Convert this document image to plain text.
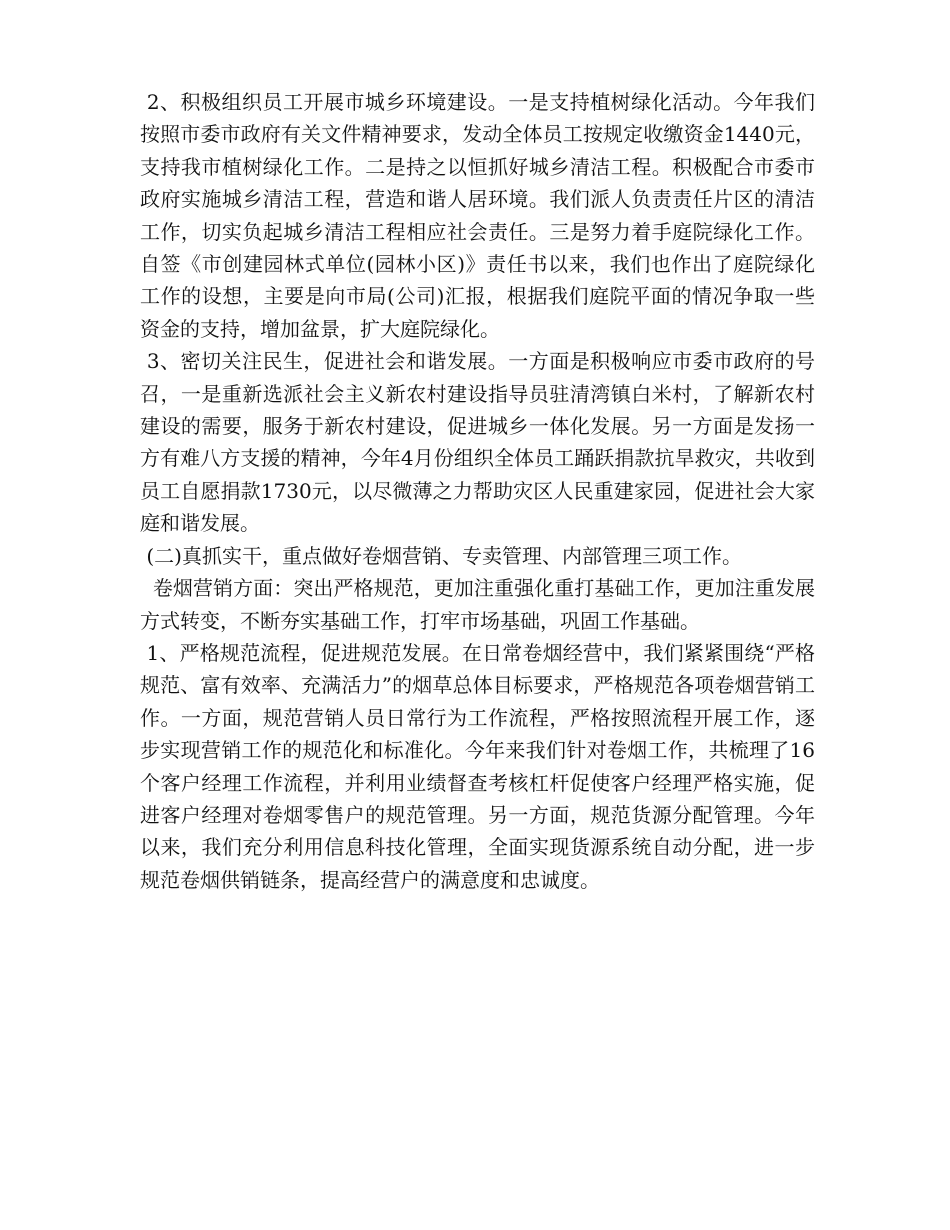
2、积极组织员工开展市城乡环境建设。一是支持植树绿化活动。今年我们按照市委市政府有关文件精神要求，发动全体员工按规定收缴资金1440元，支持我市植树绿化工作。二是持之以恒抓好城乡清洁工程。积极配合市委市政府实施城乡清洁工程，营造和谐人居环境。我们派人负责责任片区的清洁工作，切实负起城乡清洁工程相应社会责任。三是努力着手庭院绿化工作。自签《市创建园林式单位(园林小区)》责任书以来，我们也作出了庭院绿化工作的设想，主要是向市局(公司)汇报，根据我们庭院平面的情况争取一些资金的支持，增加盆景，扩大庭院绿化。

3、密切关注民生，促进社会和谐发展。一方面是积极响应市委市政府的号召，一是重新选派社会主义新农村建设指导员驻清湾镇白米村，了解新农村建设的需要，服务于新农村建设，促进城乡一体化发展。另一方面是发扬一方有难八方支援的精神，今年4月份组织全体员工踊跃捐款抗旱救灾，共收到员工自愿捐款1730元，以尽微薄之力帮助灾区人民重建家园，促进社会大家庭和谐发展。

(二)真抓实干，重点做好卷烟营销、专卖管理、内部管理三项工作。

卷烟营销方面：突出严格规范，更加注重强化重打基础工作，更加注重发展方式转变，不断夯实基础工作，打牢市场基础，巩固工作基础。

1、严格规范流程，促进规范发展。在日常卷烟经营中，我们紧紧围绕“严格规范、富有效率、充满活力”的烟草总体目标要求，严格规范各项卷烟营销工作。一方面，规范营销人员日常行为工作流程，严格按照流程开展工作，逐步实现营销工作的规范化和标准化。今年来我们针对卷烟工作，共梳理了16个客户经理工作流程，并利用业绩督查考核杠杆促使客户经理严格实施，促进客户经理对卷烟零售户的规范管理。另一方面，规范货源分配管理。今年以来，我们充分利用信息科技化管理，全面实现货源系统自动分配，进一步规范卷烟供销链条，提高经营户的满意度和忠诚度。
